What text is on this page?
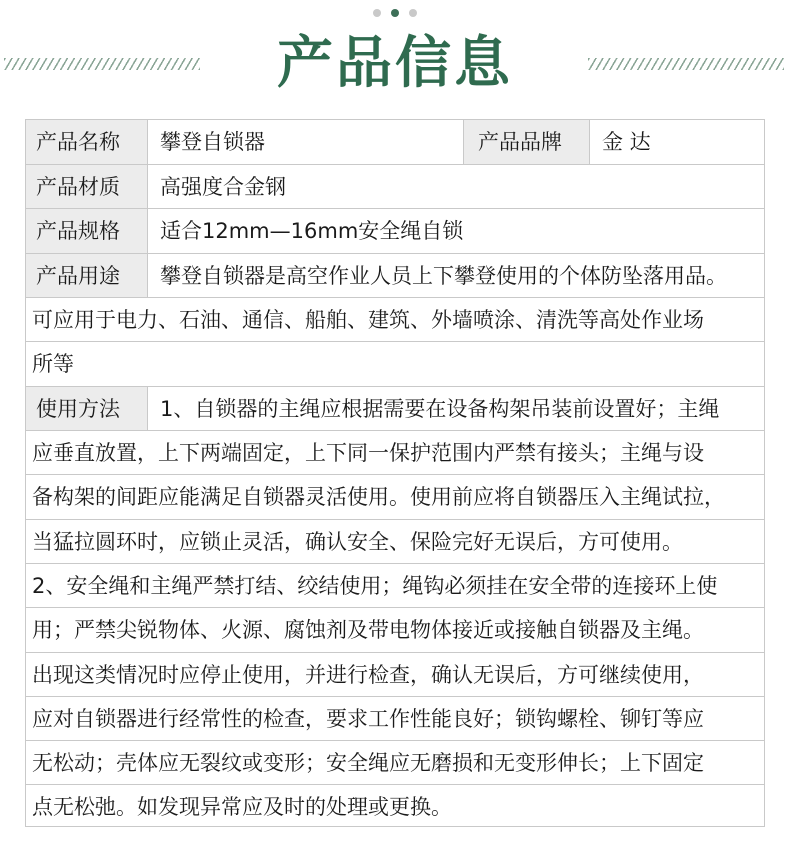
产品信息
产品名称	攀登自锁器	产品品牌	金 达
产品材质	高强度合金钢
产品规格	适合12mm—16mm安全绳自锁
产品用途	攀登自锁器是高空作业人员上下攀登使用的个体防坠落用品。
可应用于电力、石油、通信、船舶、建筑、外墙喷涂、清洗等高处作业场
所等
使用方法	1、自锁器的主绳应根据需要在设备构架吊装前设置好；主绳
应垂直放置，上下两端固定，上下同一保护范围内严禁有接头；主绳与设
备构架的间距应能满足自锁器灵活使用。使用前应将自锁器压入主绳试拉，
当猛拉圆环时，应锁止灵活，确认安全、保险完好无误后，方可使用。
2、安全绳和主绳严禁打结、绞结使用；绳钩必须挂在安全带的连接环上使
用；严禁尖锐物体、火源、腐蚀剂及带电物体接近或接触自锁器及主绳。
出现这类情况时应停止使用，并进行检查，确认无误后，方可继续使用，
应对自锁器进行经常性的检查，要求工作性能良好；锁钩螺栓、铆钉等应
无松动；壳体应无裂纹或变形；安全绳应无磨损和无变形伸长；上下固定
点无松弛。如发现异常应及时的处理或更换。
